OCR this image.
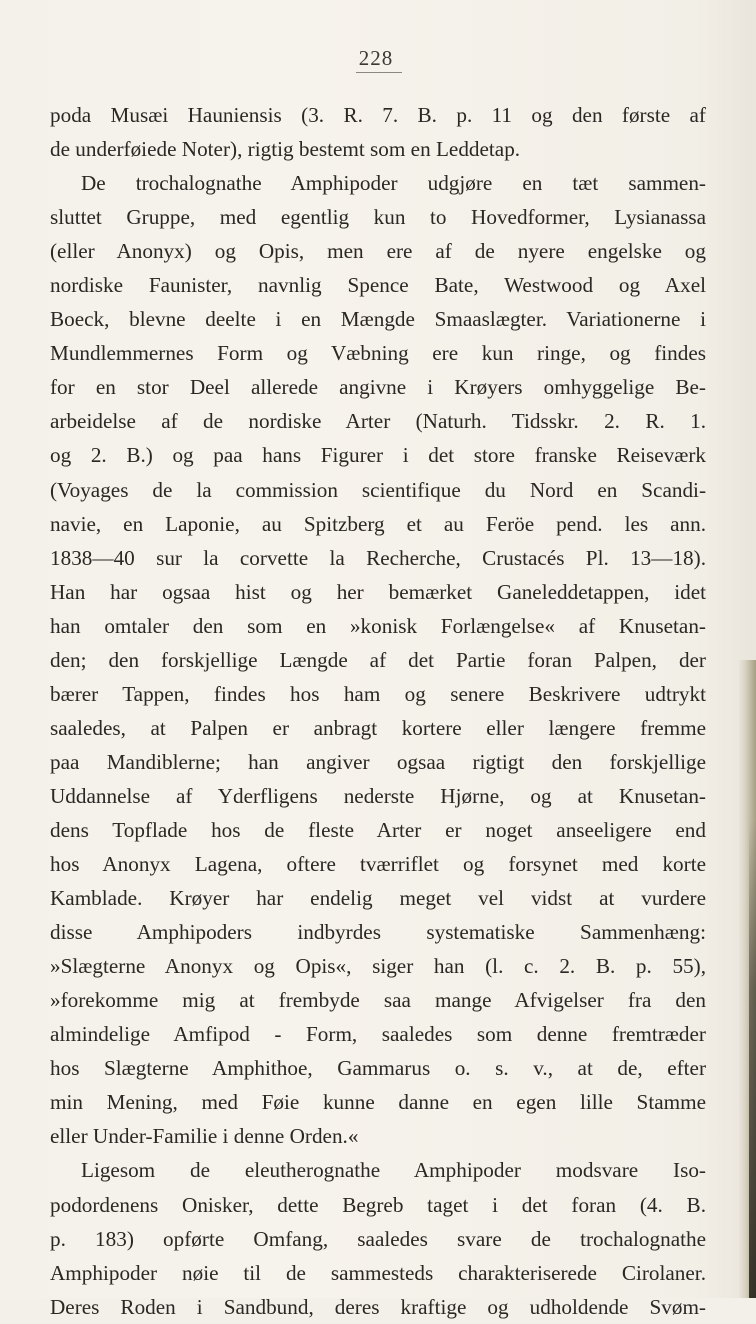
228
poda Musæi Hauniensis (3. R. 7. B. p. 11 og den første af
de underføiede Noter), rigtig bestemt som en Leddetap.
De trochalognathe Amphipoder udgjøre en tæt sammen-
sluttet Gruppe, med egentlig kun to Hovedformer, Lysianassa
(eller Anonyx) og Opis, men ere af de nyere engelske og
nordiske Faunister, navnlig Spence Bate, Westwood og Axel
Boeck, blevne deelte i en Mængde Smaaslægter. Variationerne i
Mundlemmernes Form og Væbning ere kun ringe, og findes
for en stor Deel allerede angivne i Krøyers omhyggelige Be-
arbeidelse af de nordiske Arter (Naturh. Tidsskr. 2. R. 1.
og 2. B.) og paa hans Figurer i det store franske Reiseværk
(Voyages de la commission scientifique du Nord en Scandi-
navie, en Laponie, au Spitzberg et au Feröe pend. les ann.
1838—40 sur la corvette la Recherche, Crustacés Pl. 13—18).
Han har ogsaa hist og her bemærket Ganeleddetappen, idet
han omtaler den som en »konisk Forlængelse« af Knusetan-
den; den forskjellige Længde af det Partie foran Palpen, der
bærer Tappen, findes hos ham og senere Beskrivere udtrykt
saaledes, at Palpen er anbragt kortere eller længere fremme
paa Mandiblerne; han angiver ogsaa rigtigt den forskjellige
Uddannelse af Yderfligens nederste Hjørne, og at Knusetan-
dens Topflade hos de fleste Arter er noget anseeligere end
hos Anonyx Lagena, oftere tværriflet og forsynet med korte
Kamblade. Krøyer har endelig meget vel vidst at vurdere
disse Amphipoders indbyrdes systematiske Sammenhæng:
»Slægterne Anonyx og Opis«, siger han (l. c. 2. B. p. 55),
»forekomme mig at frembyde saa mange Afvigelser fra den
almindelige Amfipod - Form, saaledes som denne fremtræder
hos Slægterne Amphithoe, Gammarus o. s. v., at de, efter
min Mening, med Føie kunne danne en egen lille Stamme
eller Under-Familie i denne Orden.«
Ligesom de eleutherognathe Amphipoder modsvare Iso-
podordenens Onisker, dette Begreb taget i det foran (4. B.
p. 183) opførte Omfang, saaledes svare de trochalognathe
Amphipoder nøie til de sammesteds charakteriserede Cirolaner.
Deres Roden i Sandbund, deres kraftige og udholdende Svøm-
